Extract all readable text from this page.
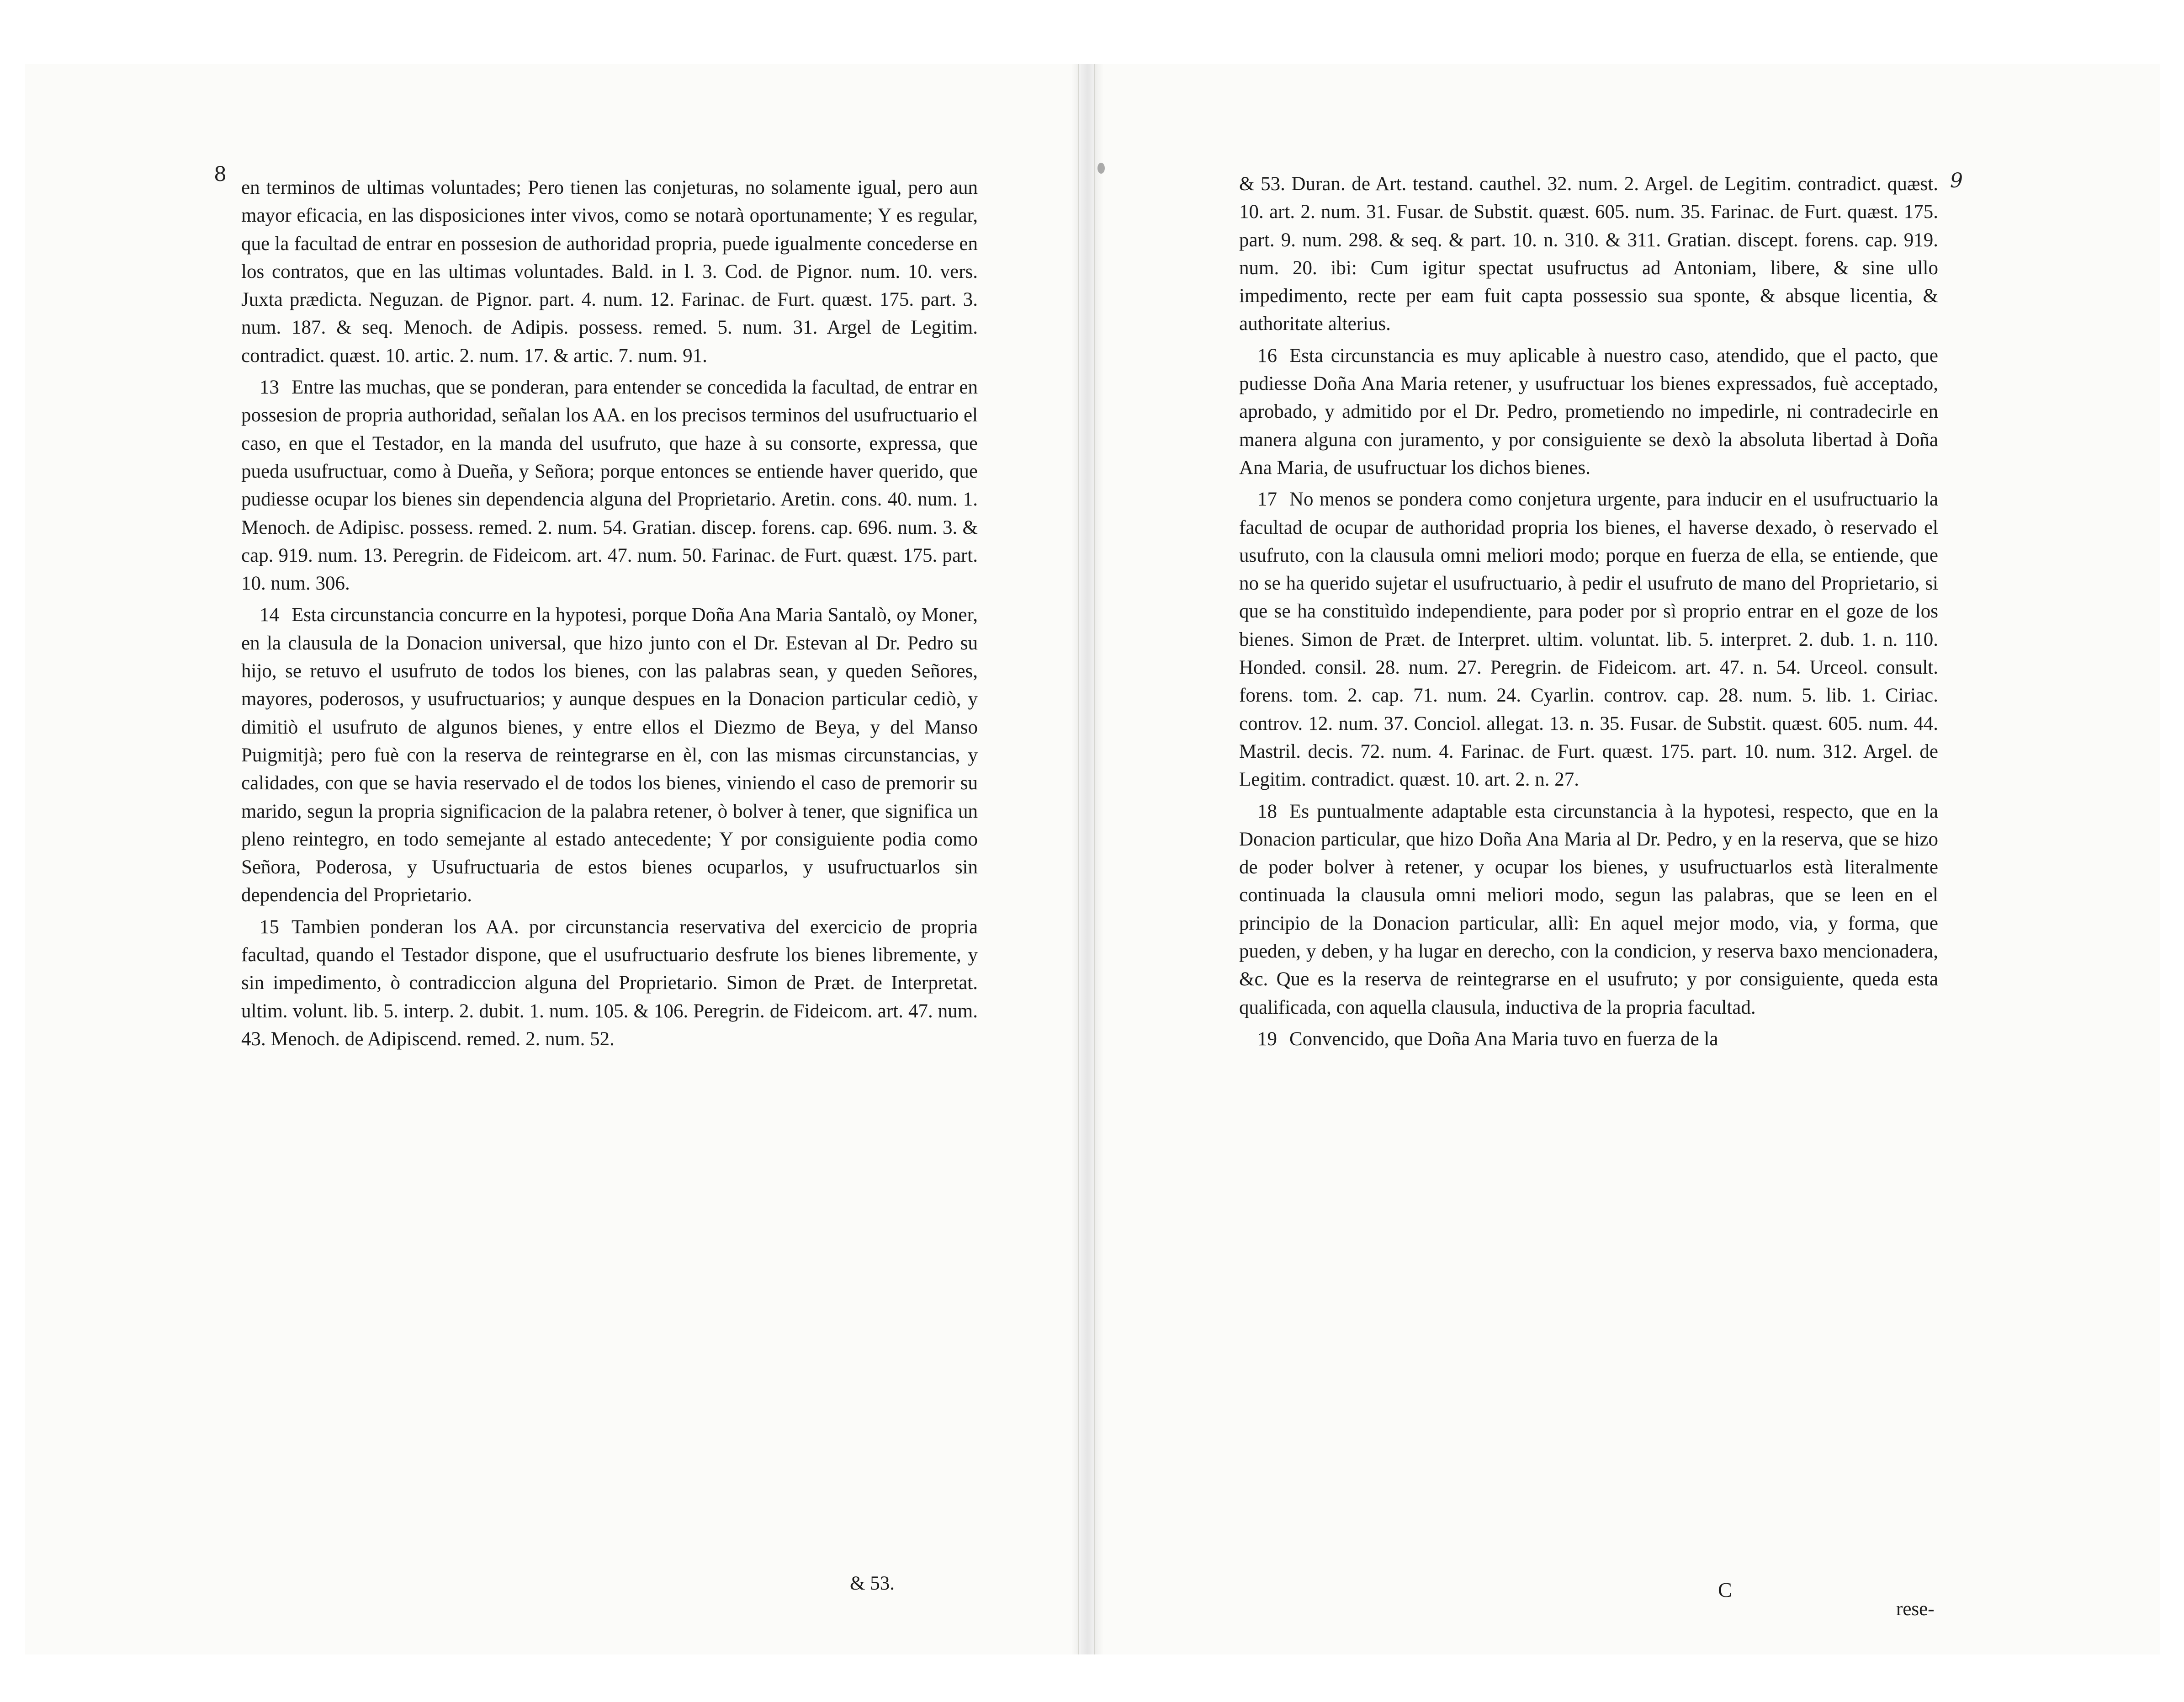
8	9

en terminos de ultimas voluntades; Pero tienen las conjeturas, no solamente igual, pero aun mayor eficacia, en las disposiciones inter vivos, como se notarà oportunamente; Y es regular, que la facultad de entrar en possesion de authoridad propria, puede igualmente concederse en los contratos, que en las ultimas voluntades. Bald. in l. 3. Cod. de Pignor. num. 10. vers. Juxta prædicta. Neguzan. de Pignor. part. 4. num. 12. Farinac. de Furt. quæst. 175. part. 3. num. 187. & seq. Menoch. de Adipis. possess. remed. 5. num. 31. Argel de Legitim. contradict. quæst. 10. artic. 2. num. 17. & artic. 7. num. 91.

13 Entre las muchas, que se ponderan, para entender se concedida la facultad, de entrar en possesion de propria authoridad, señalan los AA. en los precisos terminos del usufructuario el caso, en que el Testador, en la manda del usufruto, que haze à su consorte, expressa, que pueda usufructuar, como à Dueña, y Señora; porque entonces se entiende haver querido, que pudiesse ocupar los bienes sin dependencia alguna del Proprietario. Aretin. cons. 40. num. 1. Menoch. de Adipisc. possess. remed. 2. num. 54. Gratian. discep. forens. cap. 696. num. 3. & cap. 919. num. 13. Peregrin. de Fideicom. art. 47. num. 50. Farinac. de Furt. quæst. 175. part. 10. num. 306.

14 Esta circunstancia concurre en la hypotesi, porque Doña Ana Maria Santalò, oy Moner, en la clausula de la Donacion universal, que hizo junto con el Dr. Estevan al Dr. Pedro su hijo, se retuvo el usufruto de todos los bienes, con las palabras sean, y queden Señores, mayores, poderosos, y usufructuarios; y aunque despues en la Donacion particular cediò, y dimitiò el usufruto de algunos bienes, y entre ellos el Diezmo de Beya, y del Manso Puigmitjà; pero fuè con la reserva de reintegrarse en èl, con las mismas circunstancias, y calidades, con que se havia reservado el de todos los bienes, viniendo el caso de premorir su marido, segun la propria significacion de la palabra retener, ò bolver à tener, que significa un pleno reintegro, en todo semejante al estado antecedente; Y por consiguiente podia como Señora, Poderosa, y Usufructuaria de estos bienes ocuparlos, y usufructuarlos sin dependencia del Proprietario.

15 Tambien ponderan los AA. por circunstancia reservativa del exercicio de propria facultad, quando el Testador dispone, que el usufructuario desfrute los bienes libremente, y sin impedimento, ò contradiccion alguna del Proprietario. Simon de Præt. de Interpretat. ultim. volunt. lib. 5. interp. 2. dubit. 1. num. 105. & 106. Peregrin. de Fideicom. art. 47. num. 43. Menoch. de Adipiscend. remed. 2. num. 52.

& 53.

& 53. Duran. de Art. testand. cauthel. 32. num. 2. Argel. de Legitim. contradict. quæst. 10. art. 2. num. 31. Fusar. de Substit. quæst. 605. num. 35. Farinac. de Furt. quæst. 175. part. 9. num. 298. & seq. & part. 10. n. 310. & 311. Gratian. discept. forens. cap. 919. num. 20. ibi: Cum igitur spectat usufructus ad Antoniam, libere, & sine ullo impedimento, recte per eam fuit capta possessio sua sponte, & absque licentia, & authoritate alterius.

16 Esta circunstancia es muy aplicable à nuestro caso, atendido, que el pacto, que pudiesse Doña Ana Maria retener, y usufructuar los bienes expressados, fuè acceptado, aprobado, y admitido por el Dr. Pedro, prometiendo no impedirle, ni contradecirle en manera alguna con juramento, y por consiguiente se dexò la absoluta libertad à Doña Ana Maria, de usufructuar los dichos bienes.

17 No menos se pondera como conjetura urgente, para inducir en el usufructuario la facultad de ocupar de authoridad propria los bienes, el haverse dexado, ò reservado el usufruto, con la clausula omni meliori modo; porque en fuerza de ella, se entiende, que no se ha querido sujetar el usufructuario, à pedir el usufruto de mano del Proprietario, si que se ha constituìdo independiente, para poder por sì proprio entrar en el goze de los bienes. Simon de Præt. de Interpret. ultim. voluntat. lib. 5. interpret. 2. dub. 1. n. 110. Honded. consil. 28. num. 27. Peregrin. de Fideicom. art. 47. n. 54. Urceol. consult. forens. tom. 2. cap. 71. num. 24. Cyarlin. controv. cap. 28. num. 5. lib. 1. Ciriac. controv. 12. num. 37. Conciol. allegat. 13. n. 35. Fusar. de Substit. quæst. 605. num. 44. Mastril. decis. 72. num. 4. Farinac. de Furt. quæst. 175. part. 10. num. 312. Argel. de Legitim. contradict. quæst. 10. art. 2. n. 27.

18 Es puntualmente adaptable esta circunstancia à la hypotesi, respecto, que en la Donacion particular, que hizo Doña Ana Maria al Dr. Pedro, y en la reserva, que se hizo de poder bolver à retener, y ocupar los bienes, y usufructuarlos està literalmente continuada la clausula omni meliori modo, segun las palabras, que se leen en el principio de la Donacion particular, allì: En aquel mejor modo, via, y forma, que pueden, y deben, y ha lugar en derecho, con la condicion, y reserva baxo mencionadera, &c. Que es la reserva de reintegrarse en el usufruto; y por consiguiente, queda esta qualificada, con aquella clausula, inductiva de la propria facultad.

19 Convencido, que Doña Ana Maria tuvo en fuerza de la

C
rese-
